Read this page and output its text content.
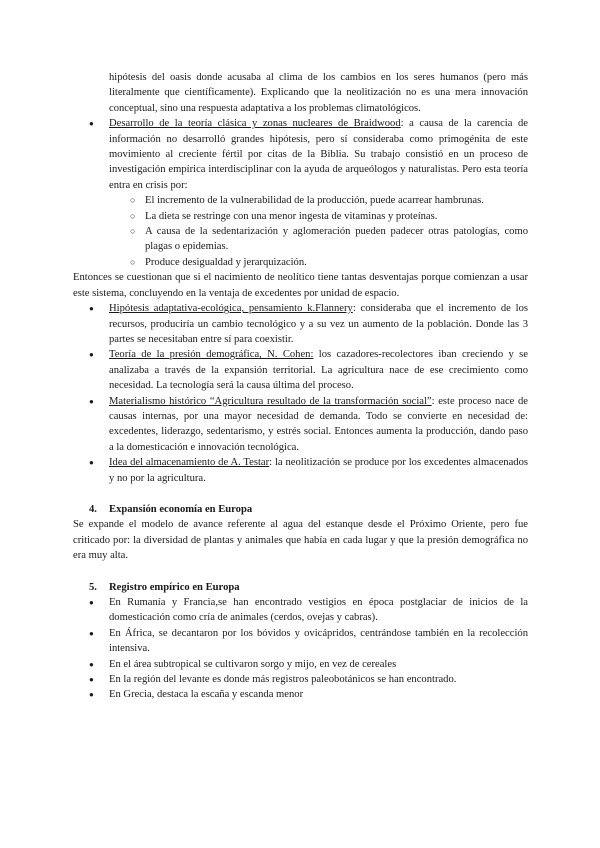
hipótesis del oasis donde acusaba al clima de los cambios en los seres humanos (pero más literalmente que científicamente). Explicando que la neolitización no es una mera innovación conceptual, sino una respuesta adaptativa a los problemas climatológicos.

● Desarrollo de la teoría clásica y zonas nucleares de Braidwood: a causa de la carencia de información no desarrolló grandes hipótesis, pero sí consideraba como primogénita de este movimiento al creciente fértil por citas de la Biblia. Su trabajo consistió en un proceso de investigación empírica interdisciplinar con la ayuda de arqueólogos y naturalistas. Pero esta teoría entra en crisis por:
○ El incremento de la vulnerabilidad de la producción, puede acarrear hambrunas.
○ La dieta se restringe con una menor ingesta de vitaminas y proteínas.
○ A causa de la sedentarización y aglomeración pueden padecer otras patologías, como plagas o epidemias.
○ Produce desigualdad y jerarquización.

Entonces se cuestionan que si el nacimiento de neolítico tiene tantas desventajas porque comienzan a usar este sistema, concluyendo en la ventaja de excedentes por unidad de espacio.

● Hipótesis adaptativa-ecológica, pensamiento k.Flannery: consideraba que el incremento de los recursos, produciría un cambio tecnológico y a su vez un aumento de la población. Donde las 3 partes se necesitaban entre sí para coexistir.
● Teoría de la presión demográfica, N. Cohen: los cazadores-recolectores iban creciendo y se analizaba a través de la expansión territorial. La agricultura nace de ese crecimiento como necesidad. La tecnología será la causa última del proceso.
● Materialismo histórico “Agricultura resultado de la transformación social”: este proceso nace de causas internas, por una mayor necesidad de demanda. Todo se convierte en necesidad de: excedentes, liderazgo, sedentarismo, y estrés social. Entonces aumenta la producción, dando paso a la domesticación e innovación tecnológica.
● Idea del almacenamiento de A. Testar: la neolitización se produce por los excedentes almacenados y no por la agricultura.
4. Expansión economía en Europa

Se expande el modelo de avance referente al agua del estanque desde el Próximo Oriente, pero fue criticado por: la diversidad de plantas y animales que había en cada lugar y que la presión demográfica no era muy alta.

5. Registro empírico en Europa
● En Rumanía y Francia,se han encontrado vestigios en época postglaciar de inicios de la domesticación como cría de animales (cerdos, ovejas y cabras).
● En África, se decantaron por los bóvidos y ovicápridos, centrándose también en la recolección intensiva.
● En el área subtropical se cultivaron sorgo y mijo, en vez de cereales
● En la región del levante es donde más registros paleobotánicos se han encontrado.
● En Grecia, destaca la escaña y escanda menor
